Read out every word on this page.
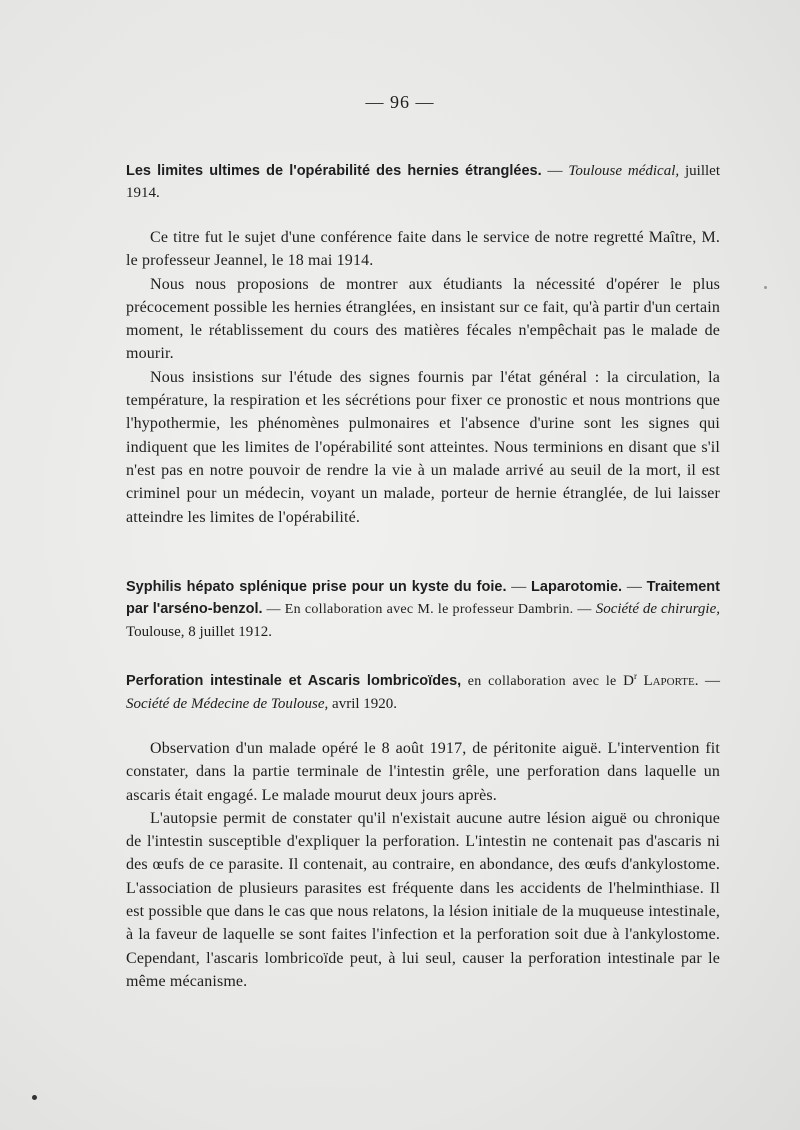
— 96 —
Les limites ultimes de l'opérabilité des hernies étranglées. — Toulouse médical, juillet 1914.

Ce titre fut le sujet d'une conférence faite dans le service de notre regretté Maître, M. le professeur Jeannel, le 18 mai 1914.

Nous nous proposions de montrer aux étudiants la nécessité d'opérer le plus précocement possible les hernies étranglées, en insistant sur ce fait, qu'à partir d'un certain moment, le rétablissement du cours des matières fécales n'empêchait pas le malade de mourir.

Nous insistions sur l'étude des signes fournis par l'état général : la circulation, la température, la respiration et les sécrétions pour fixer ce pronostic et nous montrions que l'hypothermie, les phénomènes pulmonaires et l'absence d'urine sont les signes qui indiquent que les limites de l'opérabilité sont atteintes. Nous terminions en disant que s'il n'est pas en notre pouvoir de rendre la vie à un malade arrivé au seuil de la mort, il est criminel pour un médecin, voyant un malade, porteur de hernie étranglée, de lui laisser atteindre les limites de l'opérabilité.

Syphilis hépato splénique prise pour un kyste du foie. — Laparotomie. — Traitement par l'arséno-benzol. — En collaboration avec M. le professeur Dambrin. — Société de chirurgie, Toulouse, 8 juillet 1912.
Perforation intestinale et Ascaris lombricoïdes, en collaboration avec le $D^r$ Laporte. — Société de Médecine de Toulouse, avril 1920.

Observation d'un malade opéré le 8 août 1917, de péritonite aiguë. L'intervention fit constater, dans la partie terminale de l'intestin grêle, une perforation dans laquelle un ascaris était engagé. Le malade mourut deux jours après.

L'autopsie permit de constater qu'il n'existait aucune autre lésion aiguë ou chronique de l'intestin susceptible d'expliquer la perforation. L'intestin ne contenait pas d'ascaris ni des œufs de ce parasite. Il contenait, au contraire, en abondance, des œufs d'ankylostome. L'association de plusieurs parasites est fréquente dans les accidents de l'helminthiase. Il est possible que dans le cas que nous relatons, la lésion initiale de la muqueuse intestinale, à la faveur de laquelle se sont faites l'infection et la perforation soit due à l'ankylostome. Cependant, l'ascaris lombricoïde peut, à lui seul, causer la perforation intestinale par le même mécanisme.
